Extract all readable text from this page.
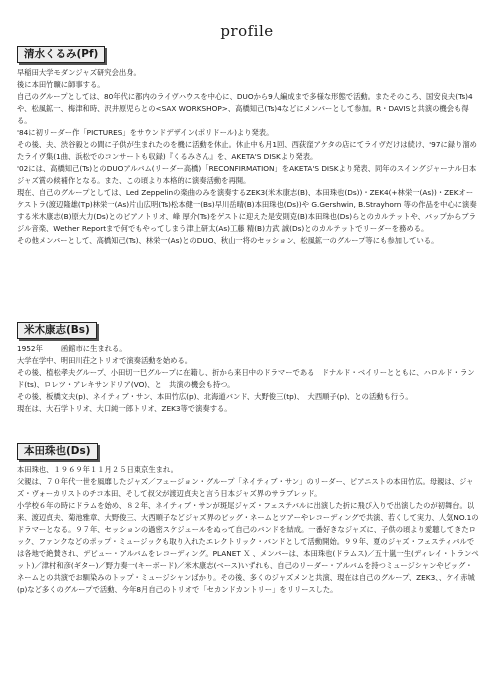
profile
清水くるみ(Pf)

早稲田大学モダンジャズ研究会出身。

後に本田竹曠に師事する。

自己のグループとしては、80年代に都内のライヴハウスを中心に、DUOから9人編成まで多様な形態で活動。またそのころ、国安良夫(Ts)4や、松風鉱一、梅津和時、沢井原児らとの<SAX WORKSHOP>、高橋知己(Ts)4などにメンバーとして参加。R・DAVISと共演の機会も得る。

'84に初リーダー作「PICTURES」をサウンドデザイン(ポリドール)より発表。

その後、夫、渋谷毅との間に子供が生まれたのを機に活動を休止。休止中も月1回、西荻窪アケタの店にてライヴだけは続け、'97に録り溜めたライヴ集(1曲、浜松でのコンサートも収録)『くるみさん』を、AKETA'S DISKより発表。

'02には、高橋知己(Ts)とのDUOアルバム(リーダー高橋)「RECONFIRMATION」をAKETA'S DISKより発表、同年のスイングジャーナル日本ジャズ賞の候補作となる。また、この頃より本格的に演奏活動を再開。

現在、自己のグループとしては、Led Zeppelinの楽曲のみを演奏するZEK3(米木康志(B)、本田珠也(Ds))・ZEK4(+林栄一(As))・ZEKオーケストラ(渡辺隆雄(Tp)林栄一(As)片山広明(Ts)松本健一(Bs)早川岳晴(B)本田珠也(Ds))や G.Gershwin, B.Strayhorn 等の作品を中心に演奏する米木康志(B)原大力(Ds)とのピアノトリオ、峰 厚介(Ts)をゲストに迎えた是安則克(B)本田珠也(Ds)らとのカルテットや、バップからブラジル音楽、Wether Reportまで何でもやってしまう津上研太(As)工藤 精(B)力武 誠(Ds)とのカルテットでリーダーを務める。

その他メンバーとして、高橋知己(Ts)、林栄一(As)とのDUO、秋山一将のセッション、松風鉱一のグループ等にも参加している。

米木康志(Bs)

1952年 函館市に生まれる。

大学在学中、明田川荘之トリオで演奏活動を始める。

その後、植松孝夫グループ、小田切一巳グループに在籍し、折から来日中のドラマーである　ドナルド・ベイリーとともに、ハロルド・ランド(ts)、ロレツ・アレキサンドリア(VO)、と　共演の機会も持つ。

その後、板橋文夫(p)、ネイティブ・サン、本田竹広(p)、北海道バンド、大野俊三(tp)、　大西順子(p)、との活動も行う。

現在は、大石学トリオ、大口純一郎トリオ、ZEK3等で演奏する。

本田珠也(Ds)

本田珠也、１９６９年１１月２５日東京生まれ。

父親は、７０年代一世を風靡したジャズ／フュージョン・グループ「ネイティブ・サン」のリーダー、ピアニストの本田竹広。母親は、ジャズ・ヴォーカリストのチコ本田、そして叔父が渡辺貞夫と言う日本ジャズ界のサラブレッド。

小学校６年の時にドラムを始め、８２年、ネイティブ・サンが斑尾ジャズ・フェステバルに出演した折に飛び入りで出演したのが初舞台。以来、渡辺貞夫、菊池雅章、大野俊三、大西順子などジャズ界のビッグ・ネームとツアーやレコーディングで共演、若くして実力、人気NO.1のドラマーとなる。９７年、セッションの過密スケジュールをぬって自己のバンドを結成。一番好きなジャズに、子供の頃より愛聴してきたロック、ファンクなどのポップ・ミュージックも取り入れたエレクトリック・バンドとして活動開始。９９年、夏のジャズ・フェスティバルでは各地で絶賛され、デビュー・アルバムをレコーディング。PLANET Ｘ 、メンバーは、本田珠也(ドラムス)／五十嵐一生(ディレイ・トランペット)／津村和彦(ギター)／野力奏一(キーボード)／米木康志(ベース)いずれも、自己のリーダー・アルバムを持つミュージシャンやビッグ・ネームとの共演でお馴染みのトップ・ミュージシャンばかり。その後、多くのジャズメンと共演、現在は自己のグループ、ZEK3、、ケイ赤城(p)など多くのグループで活動、今年8月自己のトリオで「セカンドカントリー」をリリースした。
